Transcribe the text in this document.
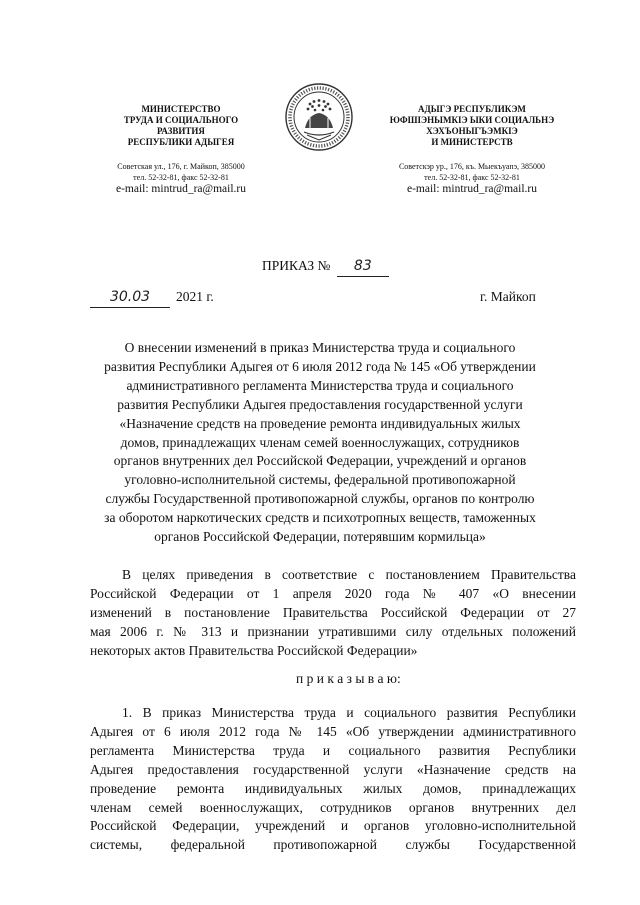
МИНИСТЕРСТВО
ТРУДА И СОЦИАЛЬНОГО
РАЗВИТИЯ
РЕСПУБЛИКИ АДЫГЕЯ
Советская ул., 176, г. Майкоп, 385000
тел. 52-32-81, факс 52-32-81
e-mail: mintrud_ra@mail.ru
АДЫГЭ РЕСПУБЛИКЭМ
ЮФШІЭНЫМКІЭ ЫКИ СОЦИАЛЬНЭ
ХЭХЪОНЫГЪЭМКІЭ
И МИНИСТЕРСТВ
Советскэр ур., 176, къ. Мыекъуапэ, 385000
тел. 52-32-81, факс 52-32-81
e-mail: mintrud_ra@mail.ru
ПРИКАЗ № 83
30.03	2021 г.	г. Майкоп

О внесении изменений в приказ Министерства труда и социального

развития Республики Адыгея от 6 июля 2012 года № 145 «Об утверждении

административного регламента Министерства труда и социального

развития Республики Адыгея предоставления государственной услуги

«Назначение средств на проведение ремонта индивидуальных жилых

домов, принадлежащих членам семей военнослужащих, сотрудников

органов внутренних дел Российской Федерации, учреждений и органов

уголовно-исполнительной системы, федеральной противопожарной

службы Государственной противопожарной службы, органов по контролю

за оборотом наркотических средств и психотропных веществ, таможенных

органов Российской Федерации, потерявшим кормильца»

В целях приведения в соответствие с постановлением Правительства

Российской Федерации от 1 апреля 2020 года № 407 «О внесении

изменений в постановление Правительства Российской Федерации от 27

мая 2006 г. № 313 и признании утратившими силу отдельных положений

некоторых актов Правительства Российской Федерации»

п р и к а з ы в а ю:

1. В приказ Министерства труда и социального развития Республики

Адыгея от 6 июля 2012 года № 145 «Об утверждении административного

регламента Министерства труда и социального развития Республики

Адыгея предоставления государственной услуги «Назначение средств на

проведение ремонта индивидуальных жилых домов, принадлежащих

членам семей военнослужащих, сотрудников органов внутренних дел

Российской Федерации, учреждений и органов уголовно-исполнительной

системы, федеральной противопожарной службы Государственной
